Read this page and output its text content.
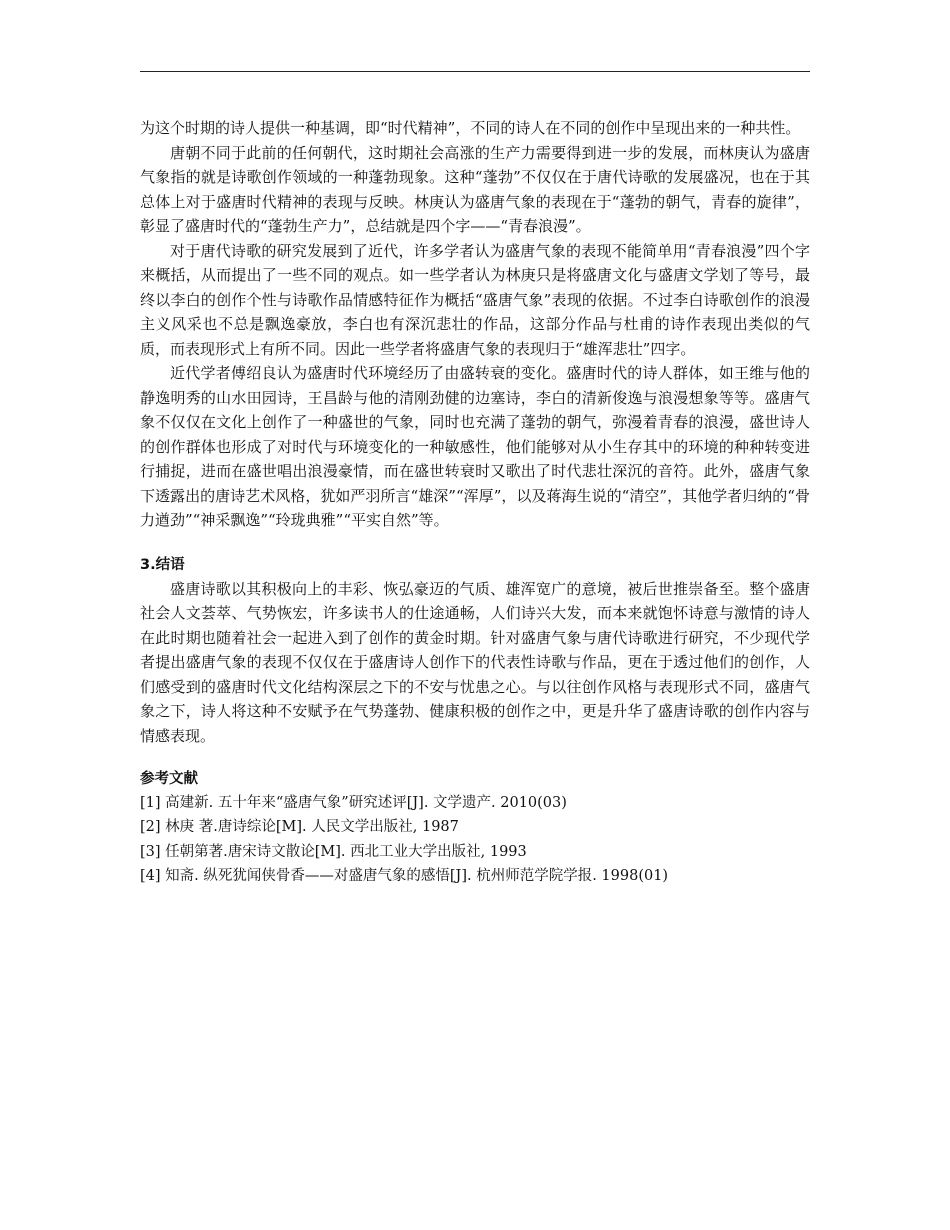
为这个时期的诗人提供一种基调，即“时代精神”，不同的诗人在不同的创作中呈现出来的一种共性。

唐朝不同于此前的任何朝代，这时期社会高涨的生产力需要得到进一步的发展，而林庚认为盛唐气象指的就是诗歌创作领域的一种蓬勃现象。这种“蓬勃”不仅仅在于唐代诗歌的发展盛况，也在于其总体上对于盛唐时代精神的表现与反映。林庚认为盛唐气象的表现在于“蓬勃的朝气，青春的旋律”，彰显了盛唐时代的“蓬勃生产力”，总结就是四个字——“青春浪漫”。

对于唐代诗歌的研究发展到了近代，许多学者认为盛唐气象的表现不能简单用“青春浪漫”四个字来概括，从而提出了一些不同的观点。如一些学者认为林庚只是将盛唐文化与盛唐文学划了等号，最终以李白的创作个性与诗歌作品情感特征作为概括“盛唐气象”表现的依据。不过李白诗歌创作的浪漫主义风采也不总是飘逸豪放，李白也有深沉悲壮的作品，这部分作品与杜甫的诗作表现出类似的气质，而表现形式上有所不同。因此一些学者将盛唐气象的表现归于“雄浑悲壮”四字。

近代学者傅绍良认为盛唐时代环境经历了由盛转衰的变化。盛唐时代的诗人群体，如王维与他的静逸明秀的山水田园诗，王昌龄与他的清刚劲健的边塞诗，李白的清新俊逸与浪漫想象等等。盛唐气象不仅仅在文化上创作了一种盛世的气象，同时也充满了蓬勃的朝气，弥漫着青春的浪漫，盛世诗人的创作群体也形成了对时代与环境变化的一种敏感性，他们能够对从小生存其中的环境的种种转变进行捕捉，进而在盛世唱出浪漫豪情，而在盛世转衰时又歌出了时代悲壮深沉的音符。此外，盛唐气象下透露出的唐诗艺术风格，犹如严羽所言“雄深”“浑厚”，以及蒋海生说的“清空”，其他学者归纳的“骨力遒劲”“神采飘逸”“玲珑典雅”“平实自然”等。

3.结语

盛唐诗歌以其积极向上的丰彩、恢弘豪迈的气质、雄浑宽广的意境，被后世推崇备至。整个盛唐社会人文荟萃、气势恢宏，许多读书人的仕途通畅，人们诗兴大发，而本来就饱怀诗意与激情的诗人在此时期也随着社会一起进入到了创作的黄金时期。针对盛唐气象与唐代诗歌进行研究，不少现代学者提出盛唐气象的表现不仅仅在于盛唐诗人创作下的代表性诗歌与作品，更在于透过他们的创作，人们感受到的盛唐时代文化结构深层之下的不安与忧患之心。与以往创作风格与表现形式不同，盛唐气象之下，诗人将这种不安赋予在气势蓬勃、健康积极的创作之中，更是升华了盛唐诗歌的创作内容与情感表现。

参考文献
[1] 高建新. 五十年来“盛唐气象”研究述评[J]. 文学遗产. 2010(03)
[2] 林庚 著.唐诗综论[M]. 人民文学出版社, 1987
[3] 任朝第著.唐宋诗文散论[M]. 西北工业大学出版社, 1993
[4] 知斋. 纵死犹闻侠骨香——对盛唐气象的感悟[J]. 杭州师范学院学报. 1998(01)
